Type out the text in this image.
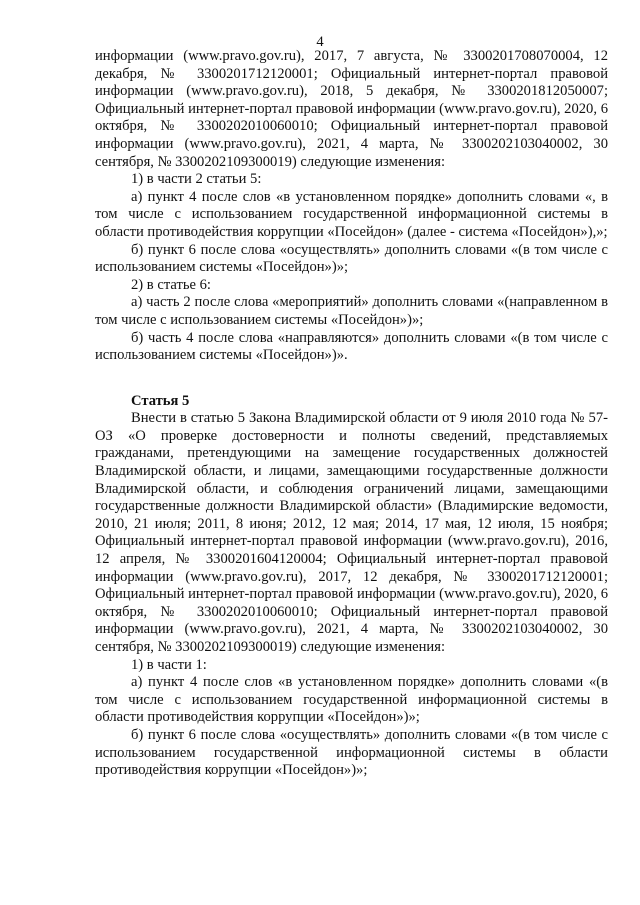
4

информации (www.pravo.gov.ru), 2017, 7 августа, № 3300201708070004, 12 декабря, № 3300201712120001; Официальный интернет-портал правовой информации (www.pravo.gov.ru), 2018, 5 декабря, № 3300201812050007; Официальный интернет-портал правовой информации (www.pravo.gov.ru), 2020, 6 октября, № 3300202010060010; Официальный интернет-портал правовой информации (www.pravo.gov.ru), 2021, 4 марта, № 3300202103040002, 30 сентября, № 3300202109300019) следующие изменения:

1) в части 2 статьи 5:

а) пункт 4 после слов «в установленном порядке» дополнить словами «, в том числе с использованием государственной информационной системы в области противодействия коррупции «Посейдон» (далее - система «Посейдон»),»;

б) пункт 6 после слова «осуществлять» дополнить словами «(в том числе с использованием системы «Посейдон»)»;

2) в статье 6:

а) часть 2 после слова «мероприятий» дополнить словами «(направленном в том числе с использованием системы «Посейдон»)»;

б) часть 4 после слова «направляются» дополнить словами «(в том числе с использованием системы «Посейдон»)».

Статья 5

Внести в статью 5 Закона Владимирской области от 9 июля 2010 года № 57-ОЗ «О проверке достоверности и полноты сведений, представляемых гражданами, претендующими на замещение государственных должностей Владимирской области, и лицами, замещающими государственные должности Владимирской области, и соблюдения ограничений лицами, замещающими государственные должности Владимирской области» (Владимирские ведомости, 2010, 21 июля; 2011, 8 июня; 2012, 12 мая; 2014, 17 мая, 12 июля, 15 ноября; Официальный интернет-портал правовой информации (www.pravo.gov.ru), 2016, 12 апреля, № 3300201604120004; Официальный интернет-портал правовой информации (www.pravo.gov.ru), 2017, 12 декабря, № 3300201712120001; Официальный интернет-портал правовой информации (www.pravo.gov.ru), 2020, 6 октября, № 3300202010060010; Официальный интернет-портал правовой информации (www.pravo.gov.ru), 2021, 4 марта, № 3300202103040002, 30 сентября, № 3300202109300019) следующие изменения:

1) в части 1:

а) пункт 4 после слов «в установленном порядке» дополнить словами «(в том числе с использованием государственной информационной системы в области противодействия коррупции «Посейдон»)»;

б) пункт 6 после слова «осуществлять» дополнить словами «(в том числе с использованием государственной информационной системы в области противодействия коррупции «Посейдон»)»;
